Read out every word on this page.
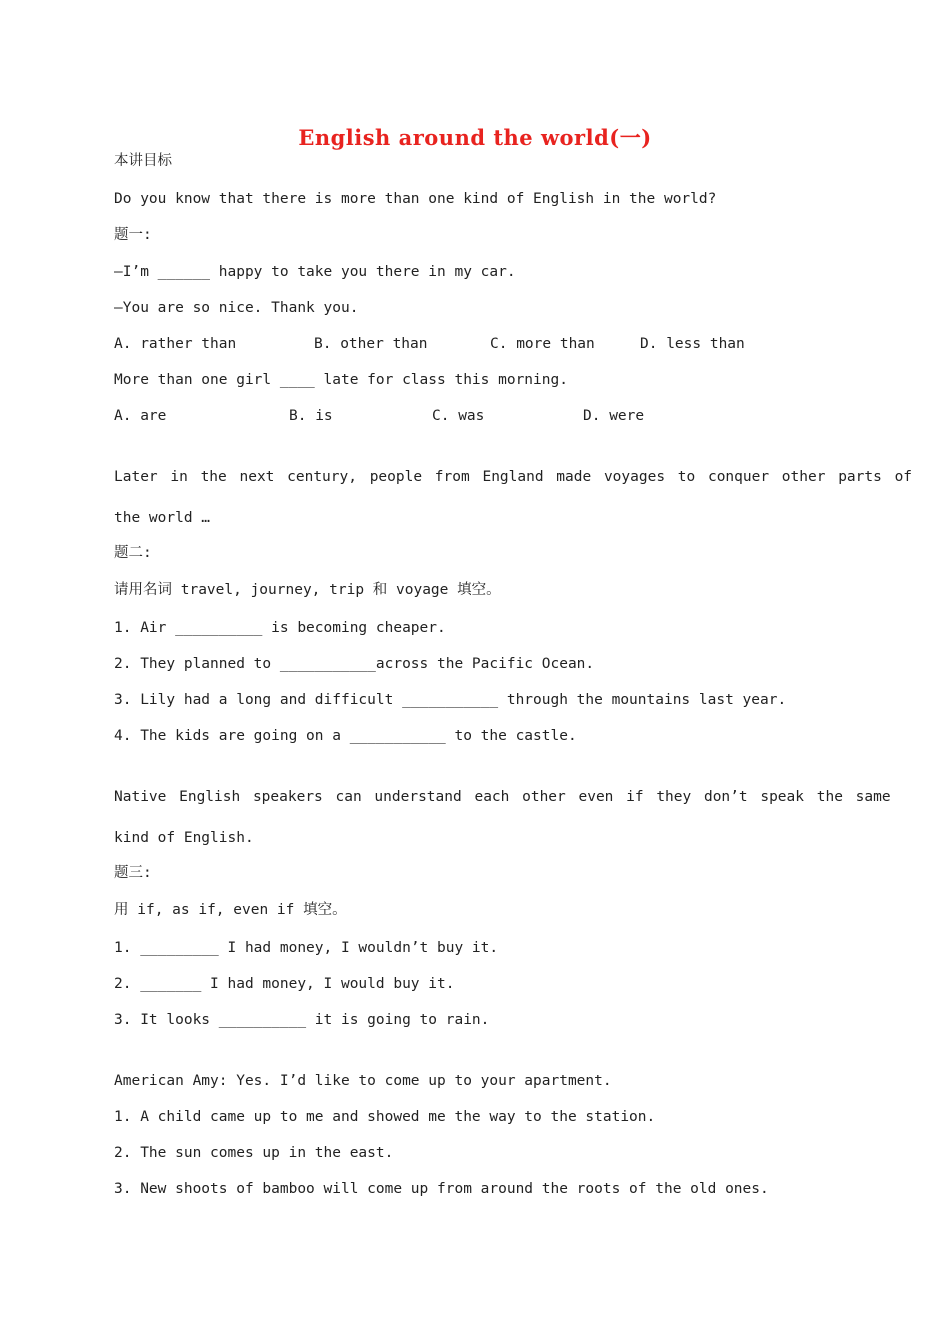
English around the world(一)
本讲目标
Do you know that there is more than one kind of English in the world?
题一:
—I’m ______ happy to take you there in my car.
—You are so nice. Thank you.
A. rather than	B. other than	C. more than	D. less than
More than one girl ____ late for class this morning.
A. are	B. is	C. was	D. were
Later in the next century, people from England made voyages to conquer other parts of
the world …
题二:
请用名词 travel, journey, trip 和 voyage 填空。
1. Air __________ is becoming cheaper.
2. They planned to ___________across the Pacific Ocean.
3. Lily had a long and difficult ___________ through the mountains last year.
4. The kids are going on a ___________ to the castle.
Native English speakers can understand each other even if they don’t speak the same
kind of English.
题三:
用 if, as if, even if 填空。
1. _________ I had money, I wouldn’t buy it.
2. _______ I had money, I would buy it.
3. It looks __________ it is going to rain.
American Amy: Yes. I’d like to come up to your apartment.
1. A child came up to me and showed me the way to the station.
2. The sun comes up in the east.
3. New shoots of bamboo will come up from around the roots of the old ones.
